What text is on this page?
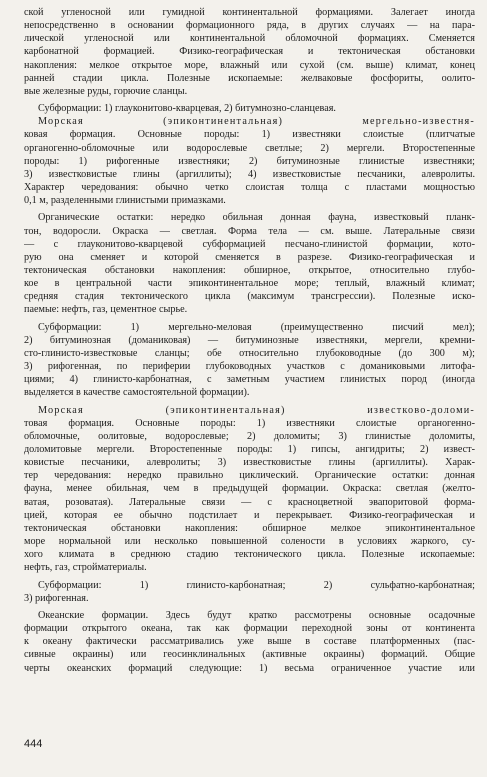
ской угленосной или гумидной континентальной формациями. Залегает иногда
непосредственно в основании формационного ряда, в других случаях — на пара-
лической угленосной или континентальной обломочной формациях. Сменяется
карбонатной формацией. Физико-географическая и тектоническая обстановки
накопления: мелкое открытое море, влажный или сухой (см. выше) климат, конец
ранней стадии цикла. Полезные ископаемые: желваковые фосфориты, оолито-
вые железные руды, горючие сланцы.
Субформации: 1) глауконитово-кварцевая, 2) битумнозно-сланцевая.
Морская (эпиконтинентальная) мергельно-известня-
ковая формация. Основные породы: 1) известняки слоистые (плитчатые
органогенно-обломочные или водорослевые светлые; 2) мергели. Второстепенные
породы: 1) рифогенные известняки; 2) битуминозные глинистые известняки;
3) известковистые глины (аргиллиты); 4) известковистые песчаники, алевролиты.
Характер чередования: обычно четко слоистая толща с пластами мощностью
0,1 м, разделенными глинистыми примазками.
Органические остатки: нередко обильная донная фауна, известковый планк-
тон, водоросли. Окраска — светлая. Форма тела — см. выше. Латеральные связи
— с глауконитово-кварцевой субформацией песчано-глинистой формации, кото-
рую она сменяет и которой сменяется в разрезе. Физико-географическая и
тектоническая обстановки накопления: обширное, открытое, относительно глубо-
кое в центральной части эпиконтинентальное море; теплый, влажный климат;
средняя стадия тектонического цикла (максимум трансгрессии). Полезные иско-
паемые: нефть, газ, цементное сырье.
Субформации: 1) мергельно-меловая (преимущественно писчий мел);
2) битуминозная (доманиковая) — битуминозные известняки, мергели, кремни-
сто-глинисто-известковые сланцы; обе относительно глубоководные (до 300 м);
3) рифогенная, по периферии глубоководных участков с доманиковыми литофа-
циями; 4) глинисто-карбонатная, с заметным участием глинистых пород (иногда
выделяется в качестве самостоятельной формации).
Морская (эпиконтинентальная) известково-доломи-
товая формация. Основные породы: 1) известняки слоистые органогенно-
обломочные, оолитовые, водорослевые; 2) доломиты; 3) глинистые доломиты,
доломитовые мергели. Второстепенные породы: 1) гипсы, ангидриты; 2) извест-
ковистые песчаники, алевролиты; 3) известковистые глины (аргиллиты). Харак-
тер чередования: нередко правильно циклический. Органические остатки: донная
фауна, менее обильная, чем в предыдущей формации. Окраска: светлая (желто-
ватая, розоватая). Латеральные связи — с красноцветной эвапоритовой форма-
цией, которая ее обычно подстилает и перекрывает. Физико-географическая и
тектоническая обстановки накопления: обширное мелкое эпиконтинентальное
море нормальной или несколько повышенной солености в условиях жаркого, су-
хого климата в среднюю стадию тектонического цикла. Полезные ископаемые:
нефть, газ, стройматериалы.
Субформации: 1) глинисто-карбонатная; 2) сульфатно-карбонатная;
3) рифогенная.
Океанские формации. Здесь будут кратко рассмотрены основные осадочные
формации открытого океана, так как формации переходной зоны от континента
к океану фактически рассматривались уже выше в составе платформенных (пас-
сивные окраины) или геосинклинальных (активные окраины) формаций. Общие
черты океанских формаций следующие: 1) весьма ограниченное участие или
444
